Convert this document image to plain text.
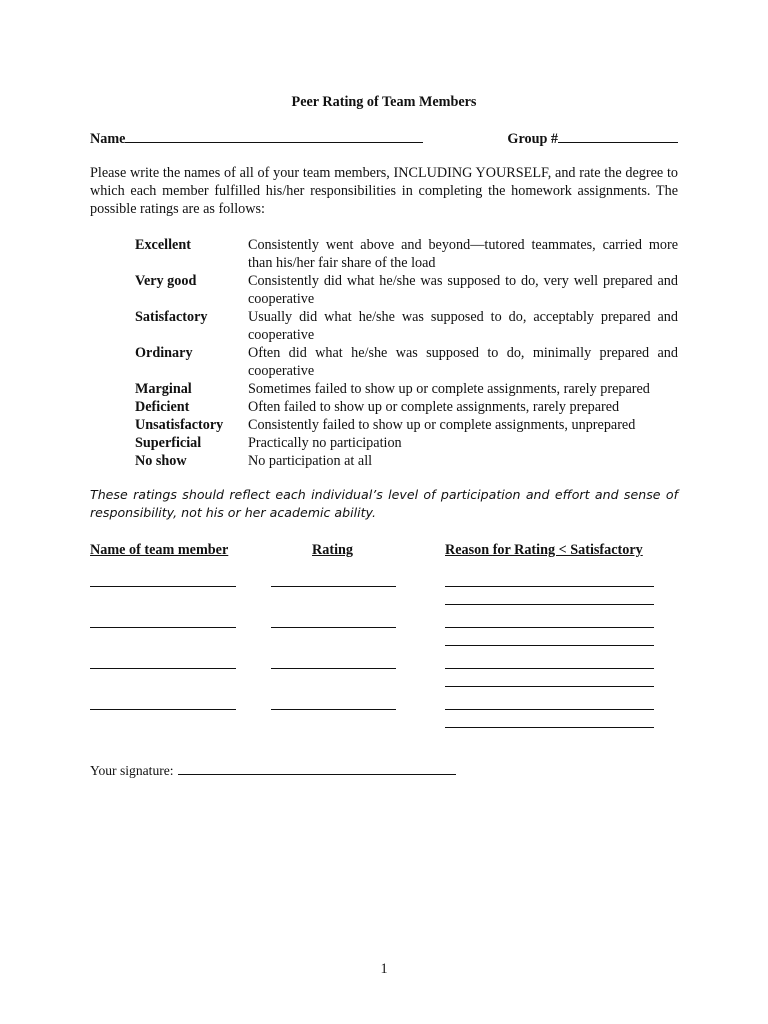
Peer Rating of Team Members
Name	Group #
Please write the names of all of your team members, INCLUDING YOURSELF, and rate the degree to which each member fulfilled his/her responsibilities in completing the homework assignments. The possible ratings are as follows:
Excellent	Consistently went above and beyond—tutored teammates, carried more than his/her fair share of the load
Very good	Consistently did what he/she was supposed to do, very well prepared and cooperative
Satisfactory	Usually did what he/she was supposed to do, acceptably prepared and cooperative
Ordinary	Often did what he/she was supposed to do, minimally prepared and cooperative
Marginal	Sometimes failed to show up or complete assignments, rarely prepared
Deficient	Often failed to show up or complete assignments, rarely prepared
Unsatisfactory	Consistently failed to show up or complete assignments, unprepared
Superficial	Practically no participation
No show	No participation at all
These ratings should reflect each individual’s level of participation and effort and sense of responsibility, not his or her academic ability.
Name of team member	Rating	Reason for Rating < Satisfactory
Your signature:
1
